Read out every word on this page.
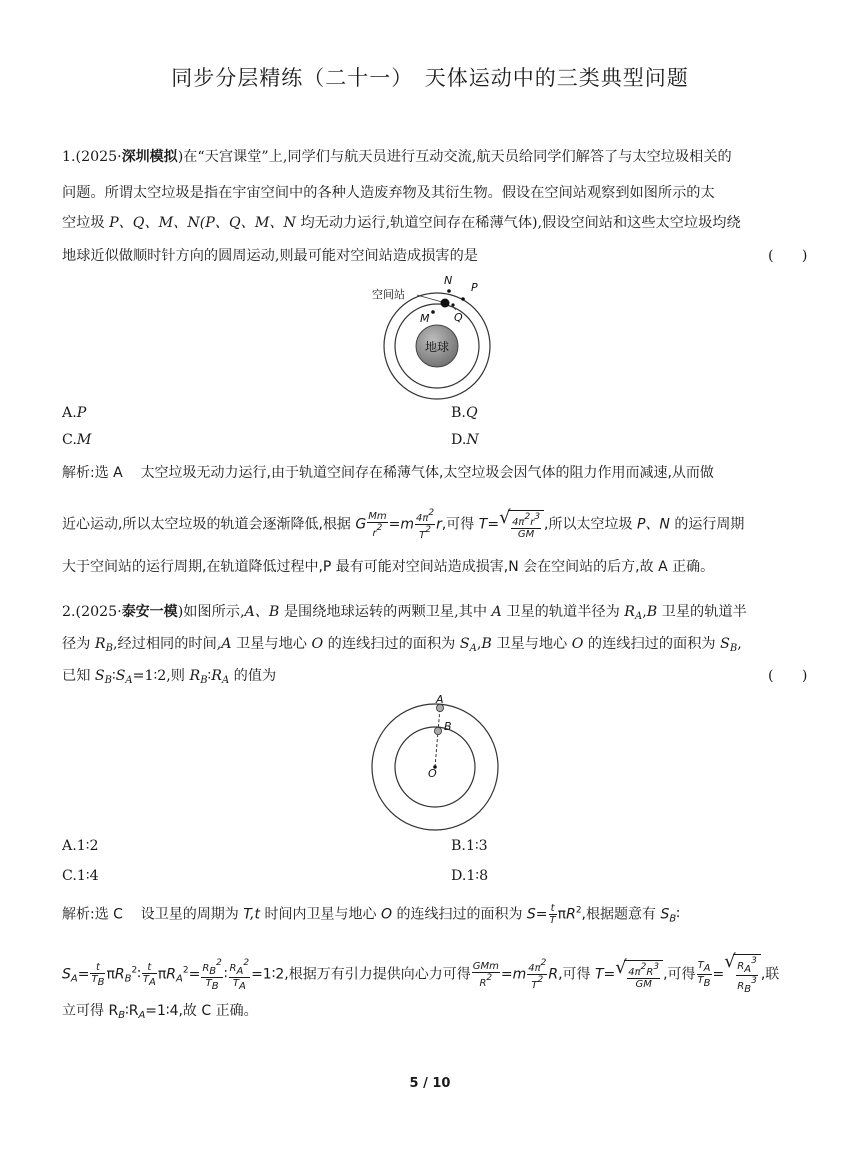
同步分层精练（二十一）　天体运动中的三类典型问题
1.(2025·深圳模拟)在“天宫课堂”上,同学们与航天员进行互动交流,航天员给同学们解答了与太空垃圾相关的
问题。所谓太空垃圾是指在宇宙空间中的各种人造废弃物及其衍生物。假设在空间站观察到如图所示的太
空垃圾 P、Q、M、N(P、Q、M、N 均无动力运行,轨道空间存在稀薄气体),假设空间站和这些太空垃圾均绕
地球近似做顺时针方向的圆周运动,则最可能对空间站造成损害的是	(　　)
地球
空间站
N
P
M Q
A.P	B.Q
C.M	D.N
解析:选 A 太空垃圾无动力运行,由于轨道空间存在稀薄气体,太空垃圾会因气体的阻力作用而减速,从而做
近心运动,所以太空垃圾的轨道会逐渐降低,根据 G $\frac{Mm}{r2} =m \frac{4\pi 2}{T2} r$,可得 T= √ $\frac{4\pi 2r3}{GM}$ ,所以太空垃圾 P、N 的运行周期
大于空间站的运行周期,在轨道降低过程中,P 最有可能对空间站造成损害,N 会在空间站的后方,故 A 正确。
2.(2025·泰安一模)如图所示,A、B 是围绕地球运转的两颗卫星,其中 A 卫星的轨道半径为 $R_A,B$ 卫星的轨道半
径为 $R_B$,经过相同的时间,A 卫星与地心 O 的连线扫过的面积为 $S_A,B$ 卫星与地心 O 的连线扫过的面积为 $S_B$,
已知 $S_B∶S_A=1∶2$,则 $R_B∶R_A$ 的值为	(　　)
A
B
O
A.1∶2	B.1∶3
C.1∶4	D.1∶8
解析:选 C 设卫星的周期为 T,t 时间内卫星与地心 O 的连线扫过的面积为 $S= \frac{t}{T} \pi R^2$,根据题意有 $S_B∶$
$S_A= \frac{t}{TB}$ $\pi R_B^2∶ \frac{t}{TA} \pi R_A^2= \frac{RB2}{TB}$ ∶ $\frac{RA2}{TA}$ =1∶2,根据万有引力提供向心力可得 $\frac{\text{GMm}}{R2} =m \frac{4\pi 2}{T2} R$,可得 T= √ $\frac{4\pi 2R3}{GM}$ ,可得 $\frac{TA}{TB}$ = √ $\frac{RA3}{RB3}$ ,联
立可得 $R_B∶R_A=1∶4$,故 C 正确。
5 / 10
